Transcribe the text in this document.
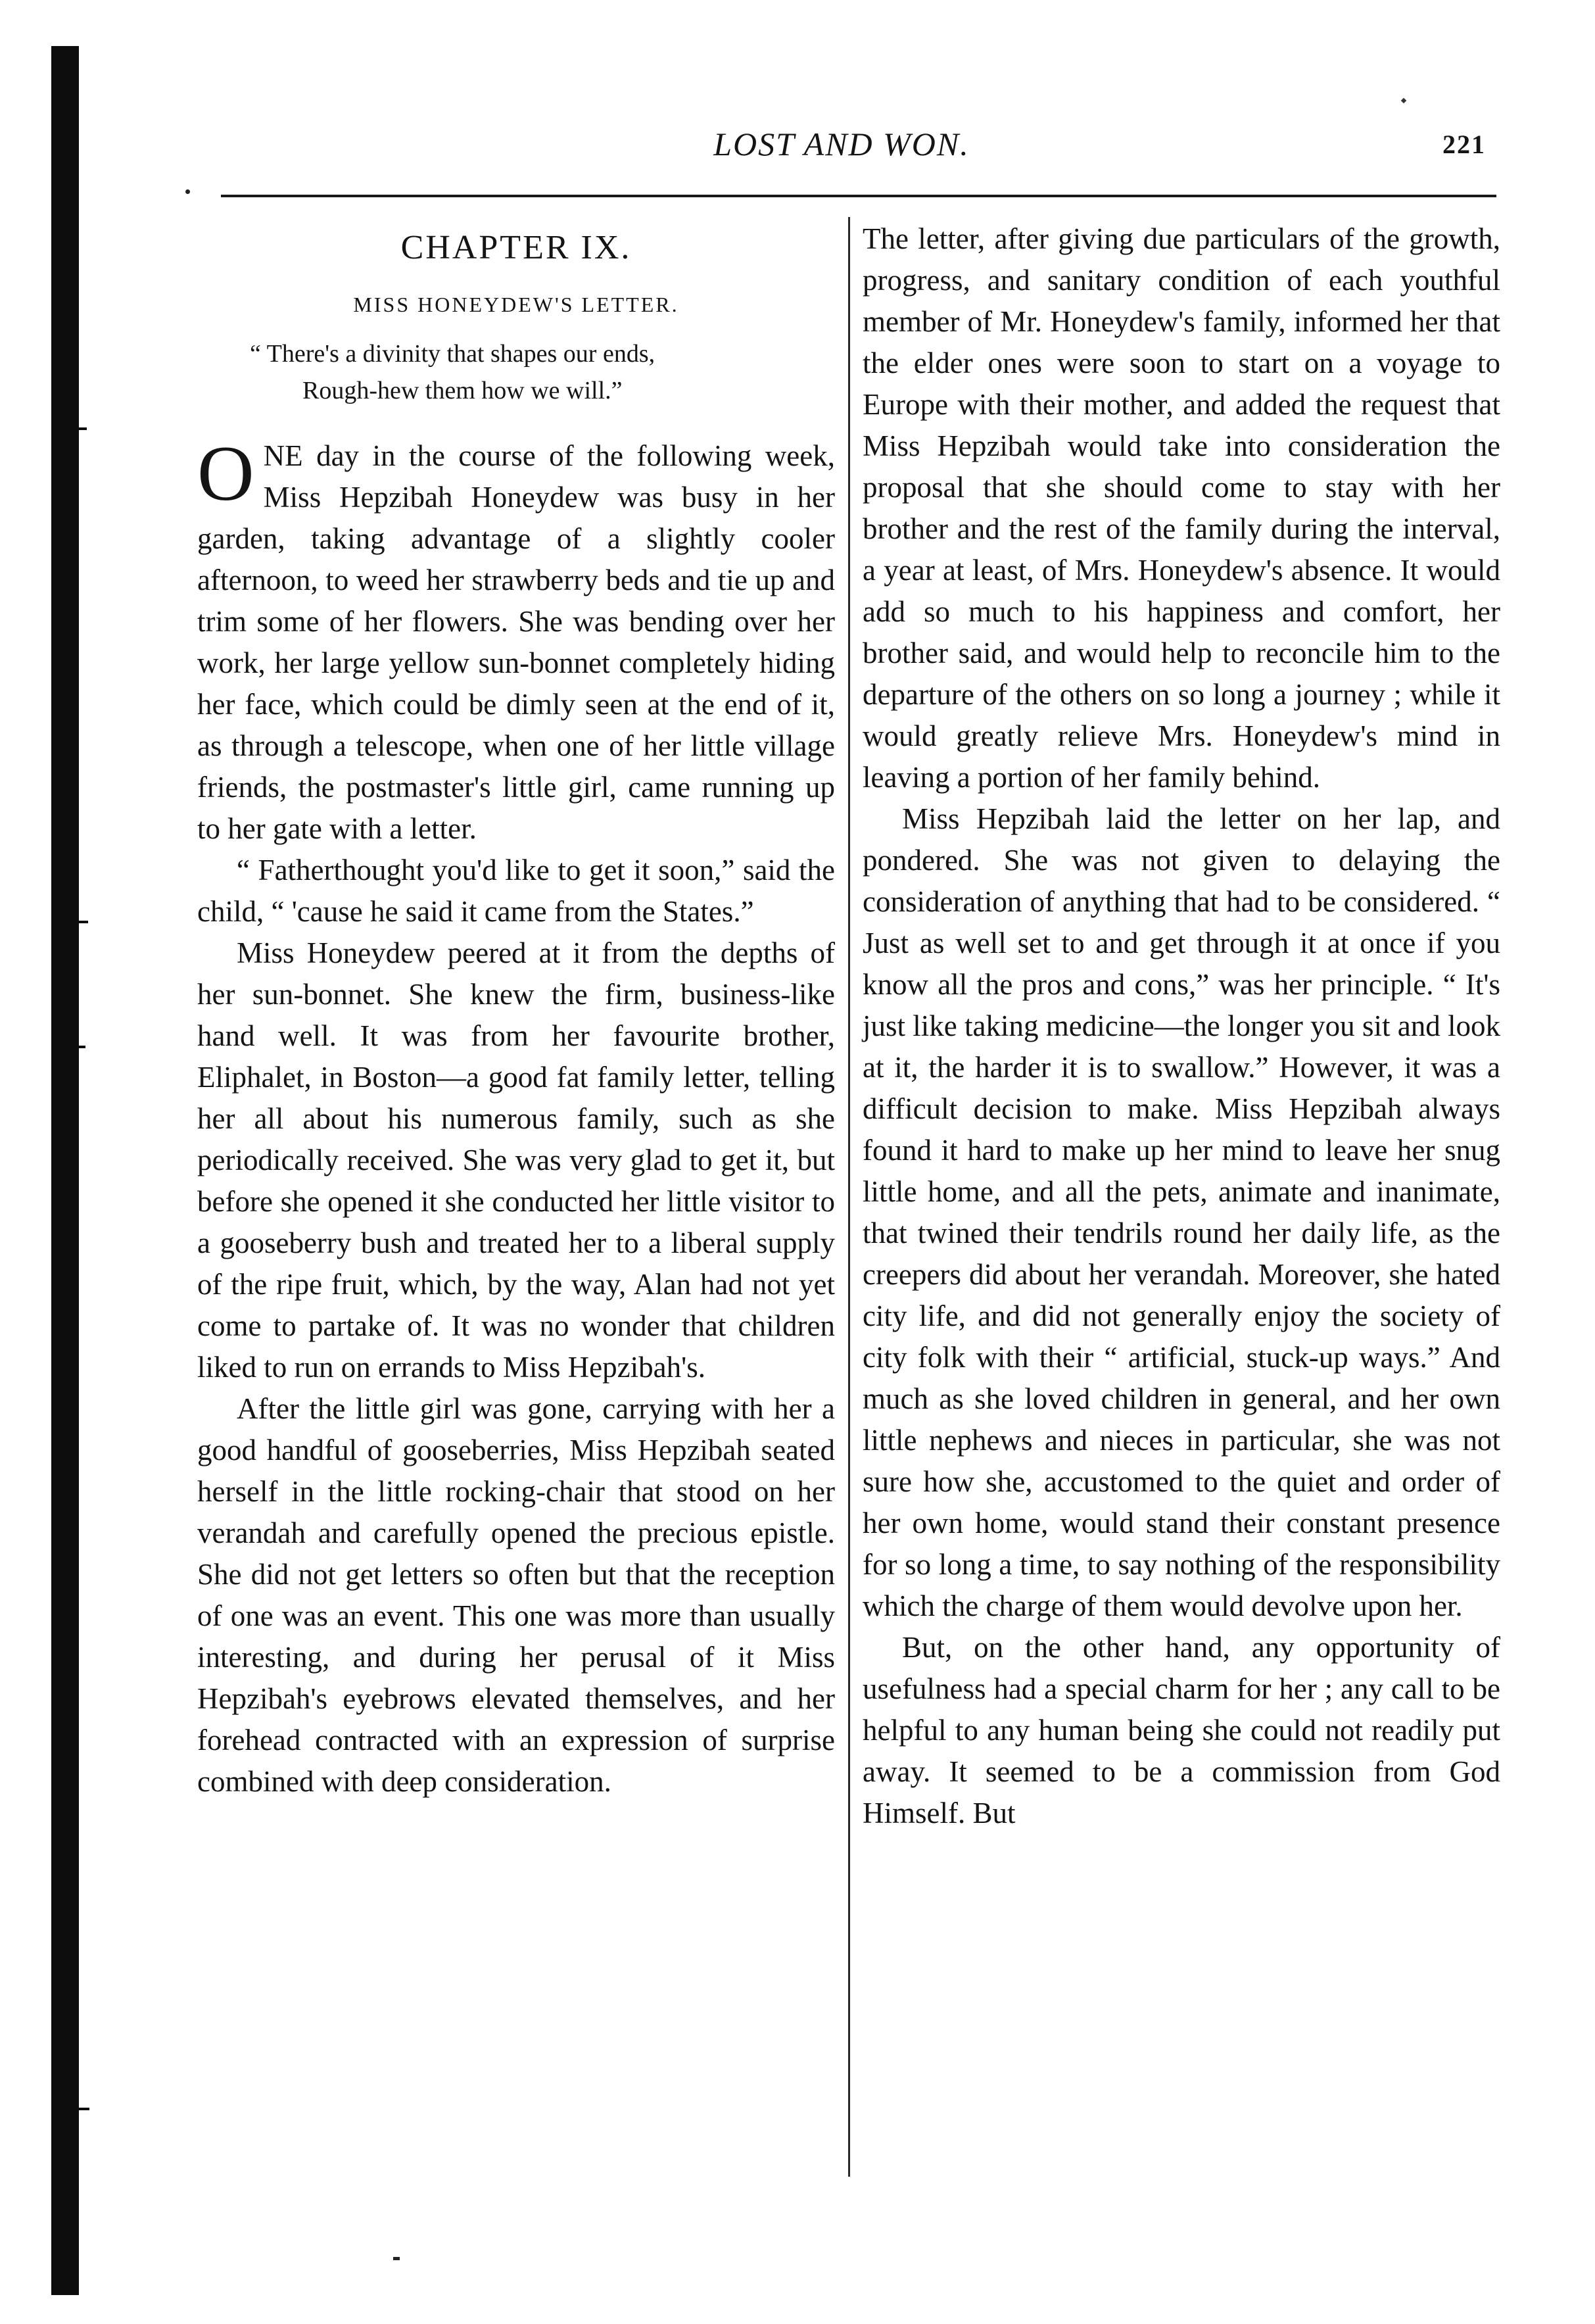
LOST AND WON.	221
CHAPTER IX.
MISS HONEYDEW'S LETTER.
“ There's a divinity that shapes our ends,
Rough-hew them how we will.”

ONE day in the course of the following week, Miss Hepzibah Honeydew was busy in her garden, taking advantage of a slightly cooler afternoon, to weed her strawberry beds and tie up and trim some of her flowers. She was bending over her work, her large yellow sun-bonnet completely hiding her face, which could be dimly seen at the end of it, as through a telescope, when one of her little village friends, the postmaster's little girl, came running up to her gate with a letter.

“ Fatherthought you'd like to get it soon,” said the child, “ 'cause he said it came from the States.”

Miss Honeydew peered at it from the depths of her sun-bonnet. She knew the firm, business-like hand well. It was from her favourite brother, Eliphalet, in Boston—a good fat family letter, telling her all about his numerous family, such as she periodically received. She was very glad to get it, but before she opened it she conducted her little visitor to a gooseberry bush and treated her to a liberal supply of the ripe fruit, which, by the way, Alan had not yet come to partake of. It was no wonder that children liked to run on errands to Miss Hepzibah's.

After the little girl was gone, carrying with her a good handful of gooseberries, Miss Hepzibah seated herself in the little rocking-chair that stood on her verandah and carefully opened the precious epistle. She did not get letters so often but that the reception of one was an event. This one was more than usually interesting, and during her perusal of it Miss Hepzibah's eyebrows elevated themselves, and her forehead contracted with an expression of surprise combined with deep consideration.

The letter, after giving due particulars of the growth, progress, and sanitary condition of each youthful member of Mr. Honeydew's family, informed her that the elder ones were soon to start on a voyage to Europe with their mother, and added the request that Miss Hepzibah would take into consideration the proposal that she should come to stay with her brother and the rest of the family during the interval, a year at least, of Mrs. Honeydew's absence. It would add so much to his happiness and comfort, her brother said, and would help to reconcile him to the departure of the others on so long a journey ; while it would greatly relieve Mrs. Honeydew's mind in leaving a portion of her family behind.

Miss Hepzibah laid the letter on her lap, and pondered. She was not given to delaying the consideration of anything that had to be considered. “ Just as well set to and get through it at once if you know all the pros and cons,” was her principle. “ It's just like taking medicine—the longer you sit and look at it, the harder it is to swallow.” However, it was a difficult decision to make. Miss Hepzibah always found it hard to make up her mind to leave her snug little home, and all the pets, animate and inanimate, that twined their tendrils round her daily life, as the creepers did about her verandah. Moreover, she hated city life, and did not generally enjoy the society of city folk with their “ artificial, stuck-up ways.” And much as she loved children in general, and her own little nephews and nieces in particular, she was not sure how she, accustomed to the quiet and order of her own home, would stand their constant presence for so long a time, to say nothing of the responsibility which the charge of them would devolve upon her.

But, on the other hand, any opportunity of usefulness had a special charm for her ; any call to be helpful to any human being she could not readily put away. It seemed to be a commission from God Himself. But
